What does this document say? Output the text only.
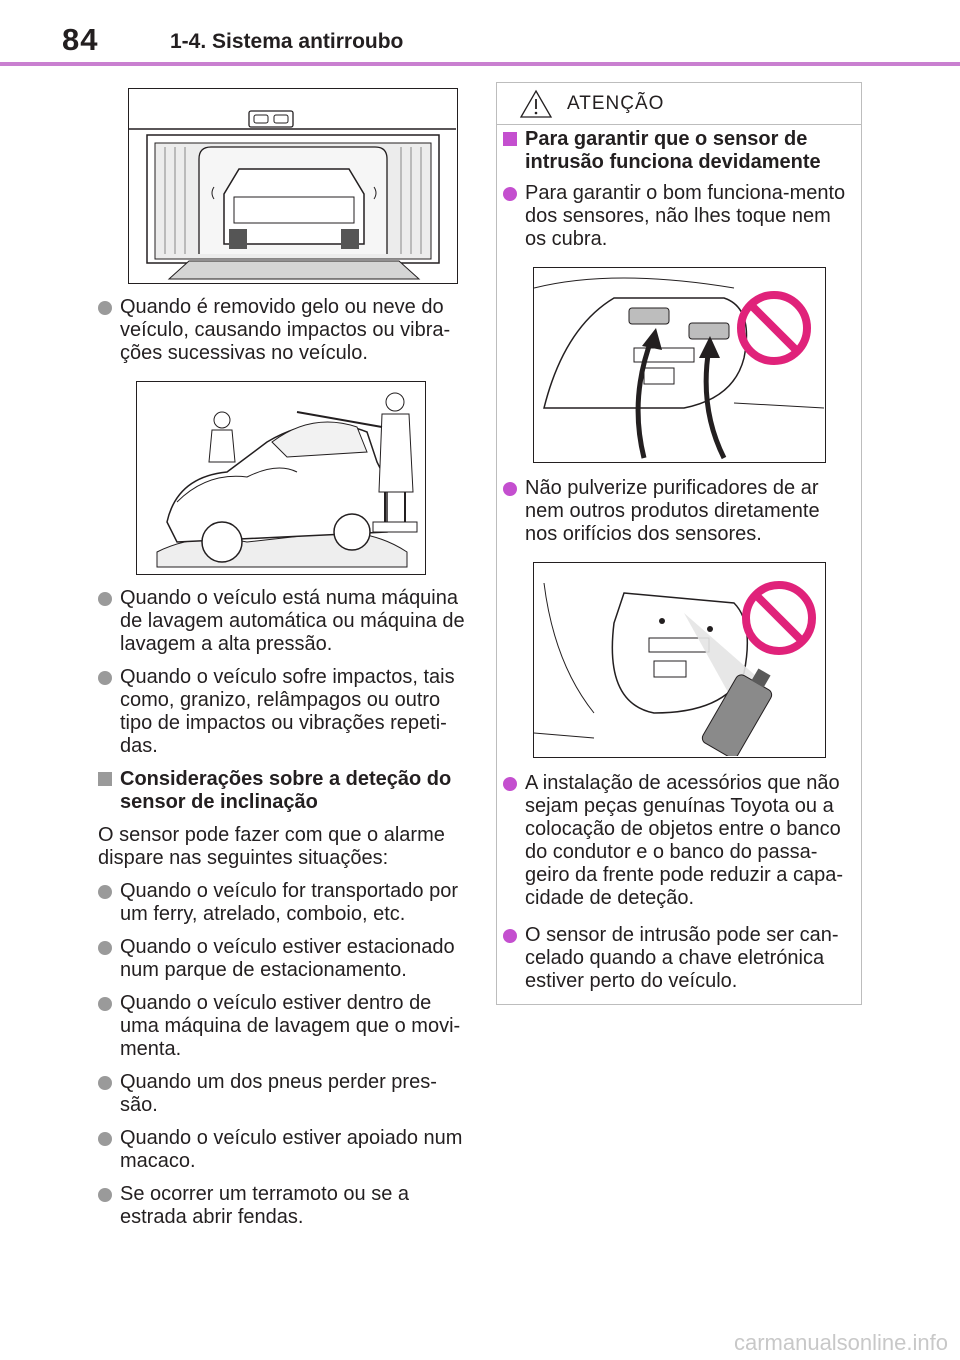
84	1-4. Sistema antirroubo

Quando é removido gelo ou neve do veículo, causando impactos ou vibra-ções sucessivas no veículo.

Quando o veículo está numa máquina de lavagem automática ou máquina de lavagem a alta pressão.

Quando o veículo sofre impactos, tais como, granizo, relâmpagos ou outro tipo de impactos ou vibrações repeti-das.

Considerações sobre a deteção do sensor de inclinação

O sensor pode fazer com que o alarme dispare nas seguintes situações:

Quando o veículo for transportado por um ferry, atrelado, comboio, etc.

Quando o veículo estiver estacionado num parque de estacionamento.

Quando o veículo estiver dentro de uma máquina de lavagem que o movi-menta.

Quando um dos pneus perder pres-são.

Quando o veículo estiver apoiado num macaco.

Se ocorrer um terramoto ou se a estrada abrir fendas.

ATENÇÃO
Para garantir que o sensor de intrusão funciona devidamente

Para garantir o bom funciona-mento dos sensores, não lhes toque nem os cubra.

Não pulverize purificadores de ar nem outros produtos diretamente nos orifícios dos sensores.

A instalação de acessórios que não sejam peças genuínas Toyota ou a colocação de objetos entre o banco do condutor e o banco do passa-geiro da frente pode reduzir a capa-cidade de deteção.

O sensor de intrusão pode ser can-celado quando a chave eletrónica estiver perto do veículo.

carmanualsonline.info
